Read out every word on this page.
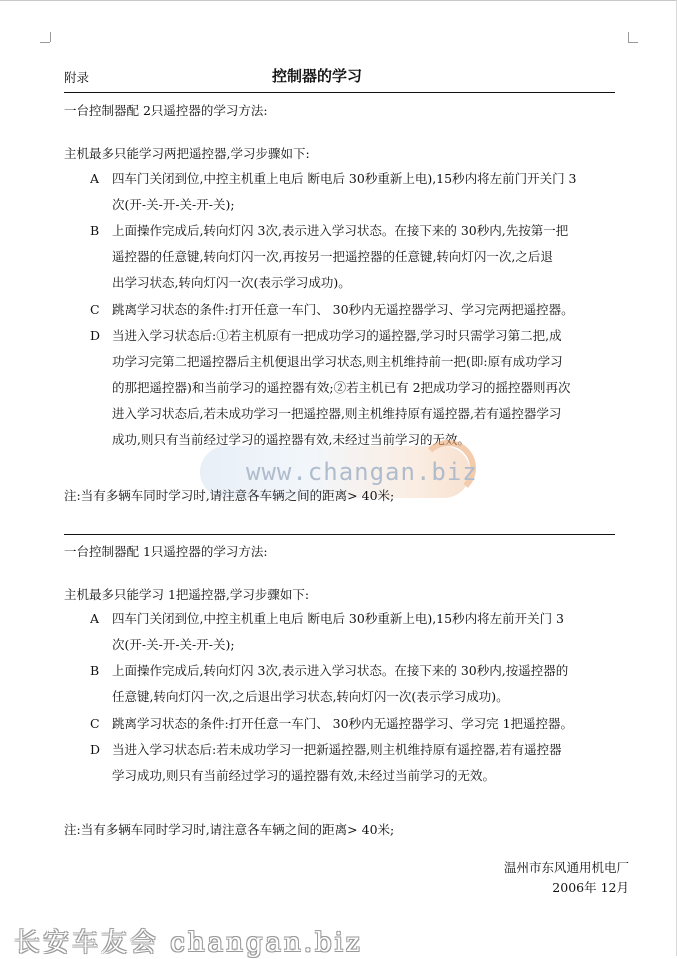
附录	控制器的学习
一台控制器配 2只遥控器的学习方法:
主机最多只能学习两把遥控器,学习步骤如下:
A	四车门关闭到位,中控主机重上电后 断电后 30秒重新上电),15秒内将左前门开关门 3
次(开-关-开-关-开-关);
B	上面操作完成后,转向灯闪 3次,表示进入学习状态。在接下来的 30秒内,先按第一把
遥控器的任意键,转向灯闪一次,再按另一把遥控器的任意键,转向灯闪一次,之后退
出学习状态,转向灯闪一次(表示学习成功)。
C 跳离学习状态的条件:打开任意一车门、 30秒内无遥控器学习、学习完两把遥控器。
D 当进入学习状态后:①若主机原有一把成功学习的遥控器,学习时只需学习第二把,成
功学习完第二把遥控器后主机便退出学习状态,则主机维持前一把(即:原有成功学习
的那把遥控器)和当前学习的遥控器有效;②若主机已有 2把成功学习的摇控器则再次
进入学习状态后,若未成功学习一把遥控器,则主机维持原有遥控器,若有遥控器学习
成功,则只有当前经过学习的遥控器有效,未经过当前学习的无效。
www.changan.biz
注:当有多辆车同时学习时,请注意各车辆之间的距离> 40米;
一台控制器配 1只遥控器的学习方法:
主机最多只能学习 1把遥控器,学习步骤如下:
A	四车门关闭到位,中控主机重上电后 断电后 30秒重新上电),15秒内将左前开关门 3
次(开-关-开-关-开-关);
B	上面操作完成后,转向灯闪 3次,表示进入学习状态。在接下来的 30秒内,按遥控器的
任意键,转向灯闪一次,之后退出学习状态,转向灯闪一次(表示学习成功)。
C 跳离学习状态的条件:打开任意一车门、 30秒内无遥控器学习、学习完 1把遥控器。
D 当进入学习状态后:若未成功学习一把新遥控器,则主机维持原有遥控器,若有遥控器
学习成功,则只有当前经过学习的遥控器有效,未经过当前学习的无效。
注:当有多辆车同时学习时,请注意各车辆之间的距离> 40米;
温州市东风通用机电厂
2006年 12月
长安车友会 changan.biz
